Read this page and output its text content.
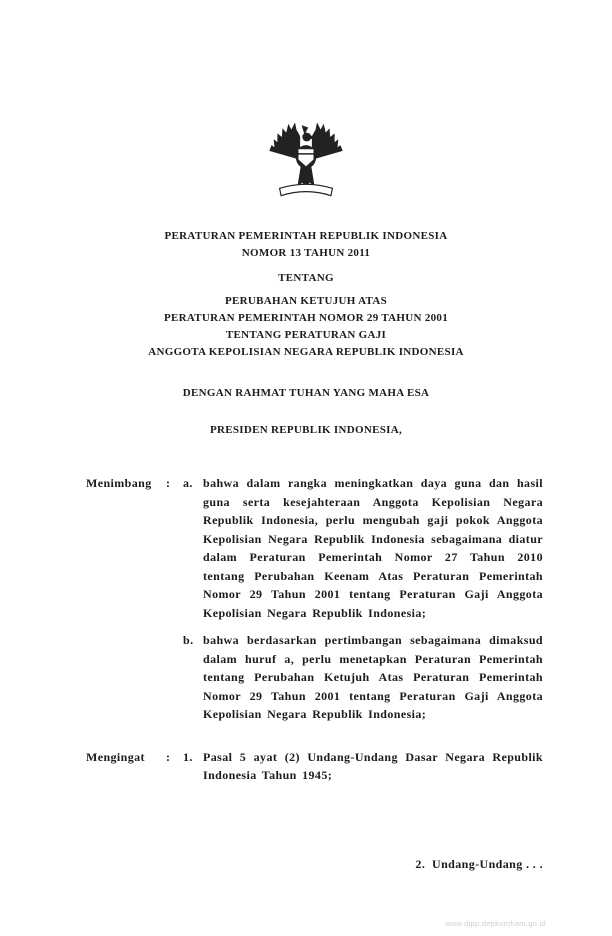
PERATURAN PEMERINTAH REPUBLIK INDONESIA
NOMOR 13 TAHUN 2011
TENTANG
PERUBAHAN KETUJUH ATAS
PERATURAN PEMERINTAH NOMOR 29 TAHUN 2001
TENTANG PERATURAN GAJI
ANGGOTA KEPOLISIAN NEGARA REPUBLIK INDONESIA
DENGAN RAHMAT TUHAN YANG MAHA ESA
PRESIDEN REPUBLIK INDONESIA,
Menimbang	:	a. bahwa dalam rangka meningkatkan daya guna dan hasil guna serta kesejahteraan Anggota Kepolisian Negara Republik Indonesia, perlu mengubah gaji pokok Anggota Kepolisian Negara Republik Indonesia sebagaimana diatur dalam Peraturan Pemerintah Nomor 27 Tahun 2010 tentang Perubahan Keenam Atas Peraturan Pemerintah Nomor 29 Tahun 2001 tentang Peraturan Gaji Anggota Kepolisian Negara Republik Indonesia;
b. bahwa berdasarkan pertimbangan sebagaimana dimaksud dalam huruf a, perlu menetapkan Peraturan Pemerintah tentang Perubahan Ketujuh Atas Peraturan Pemerintah Nomor 29 Tahun 2001 tentang Peraturan Gaji Anggota Kepolisian Negara Republik Indonesia;
Mengingat	:	1. Pasal 5 ayat (2) Undang-Undang Dasar Negara Republik Indonesia Tahun 1945;
2.  Undang-Undang . . .
www.djpp.depkumham.go.id
